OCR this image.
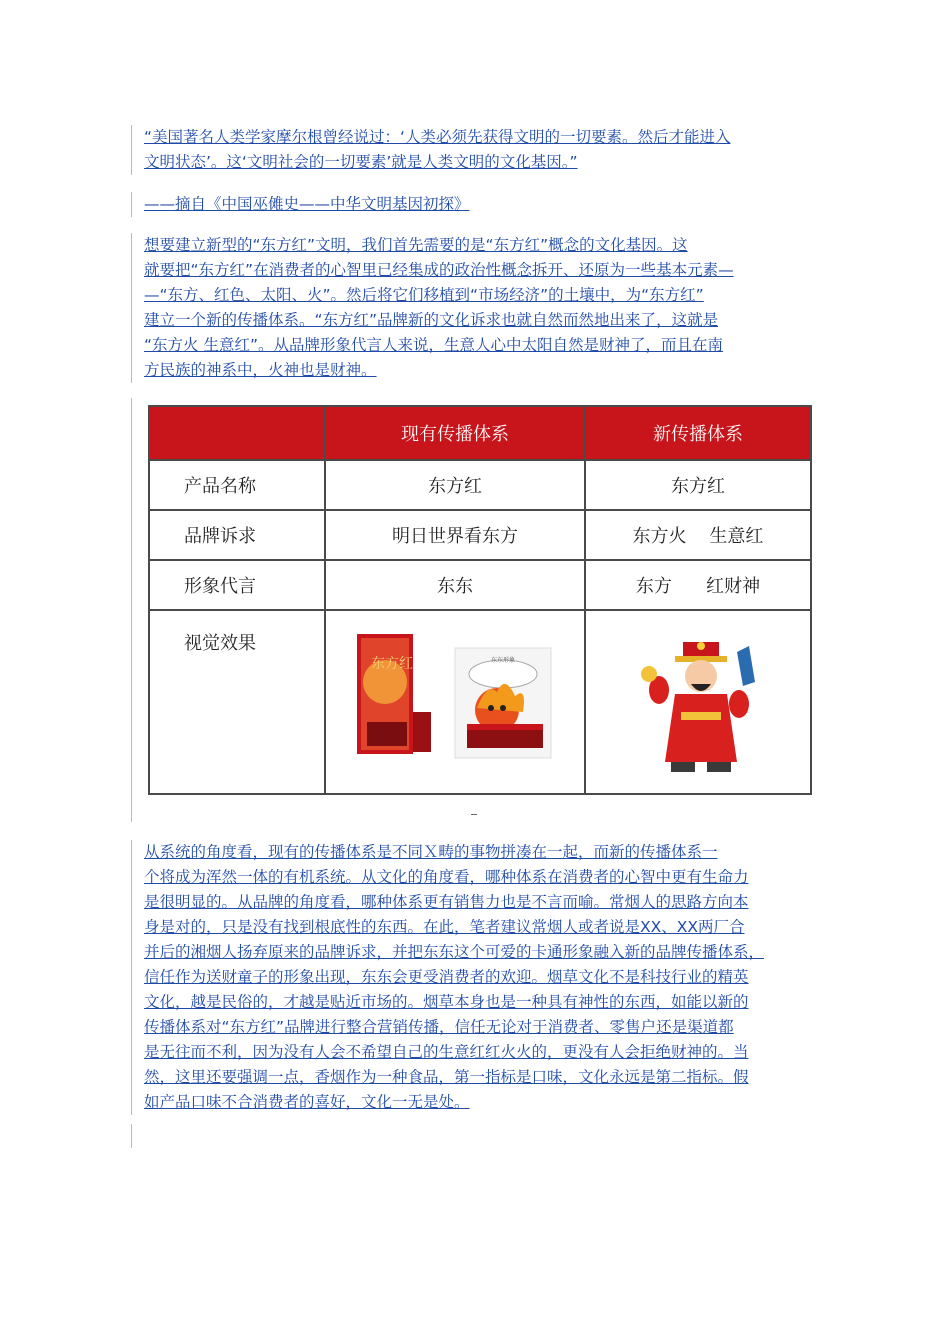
“美国著名人类学家摩尔根曾经说过：‘人类必须先获得文明的一切要素。然后才能进入
文明状态’。这‘文明社会的一切要素’就是人类文明的文化基因。”
——摘自《中国巫傩史——中华文明基因初探》
想要建立新型的“东方红”文明，我们首先需要的是“东方红”概念的文化基因。这
就要把“东方红”在消费者的心智里已经集成的政治性概念拆开、还原为一些基本元素—
—“东方、红色、太阳、火”。然后将它们移植到“市场经济”的土壤中，为“东方红”
建立一个新的传播体系。“东方红”品牌新的文化诉求也就自然而然地出来了，这就是
“东方火 生意红”。从品牌形象代言人来说，生意人心中太阳自然是财神了，而且在南
方民族的神系中，火神也是财神。
	现有传播体系	新传播体系
产品名称	东方红	东方红
品牌诉求	明日世界看东方	东方火    生意红
形象代言	东东	东方      红财神
视觉效果	东方红 东东形象

从系统的角度看，现有的传播体系是不同Ｘ畴的事物拼凑在一起，而新的传播体系一
个将成为浑然一体的有机系统。从文化的角度看，哪种体系在消费者的心智中更有生命力
是很明显的。从品牌的角度看，哪种体系更有销售力也是不言而喻。常烟人的思路方向本
身是对的，只是没有找到根底性的东西。在此，笔者建议常烟人或者说是XX、XX两厂合
并后的湘烟人扬弃原来的品牌诉求，并把东东这个可爱的卡通形象融入新的品牌传播体系，
信任作为送财童子的形象出现，东东会更受消费者的欢迎。烟草文化不是科技行业的精英
文化，越是民俗的，才越是贴近市场的。烟草本身也是一种具有神性的东西，如能以新的
传播体系对“东方红”品牌进行整合营销传播，信任无论对于消费者、零售户还是渠道都
是无往而不利，因为没有人会不希望自己的生意红红火火的，更没有人会拒绝财神的。当
然，这里还要强调一点，香烟作为一种食品，第一指标是口味，文化永远是第二指标。假
如产品口味不合消费者的喜好，文化一无是处。
